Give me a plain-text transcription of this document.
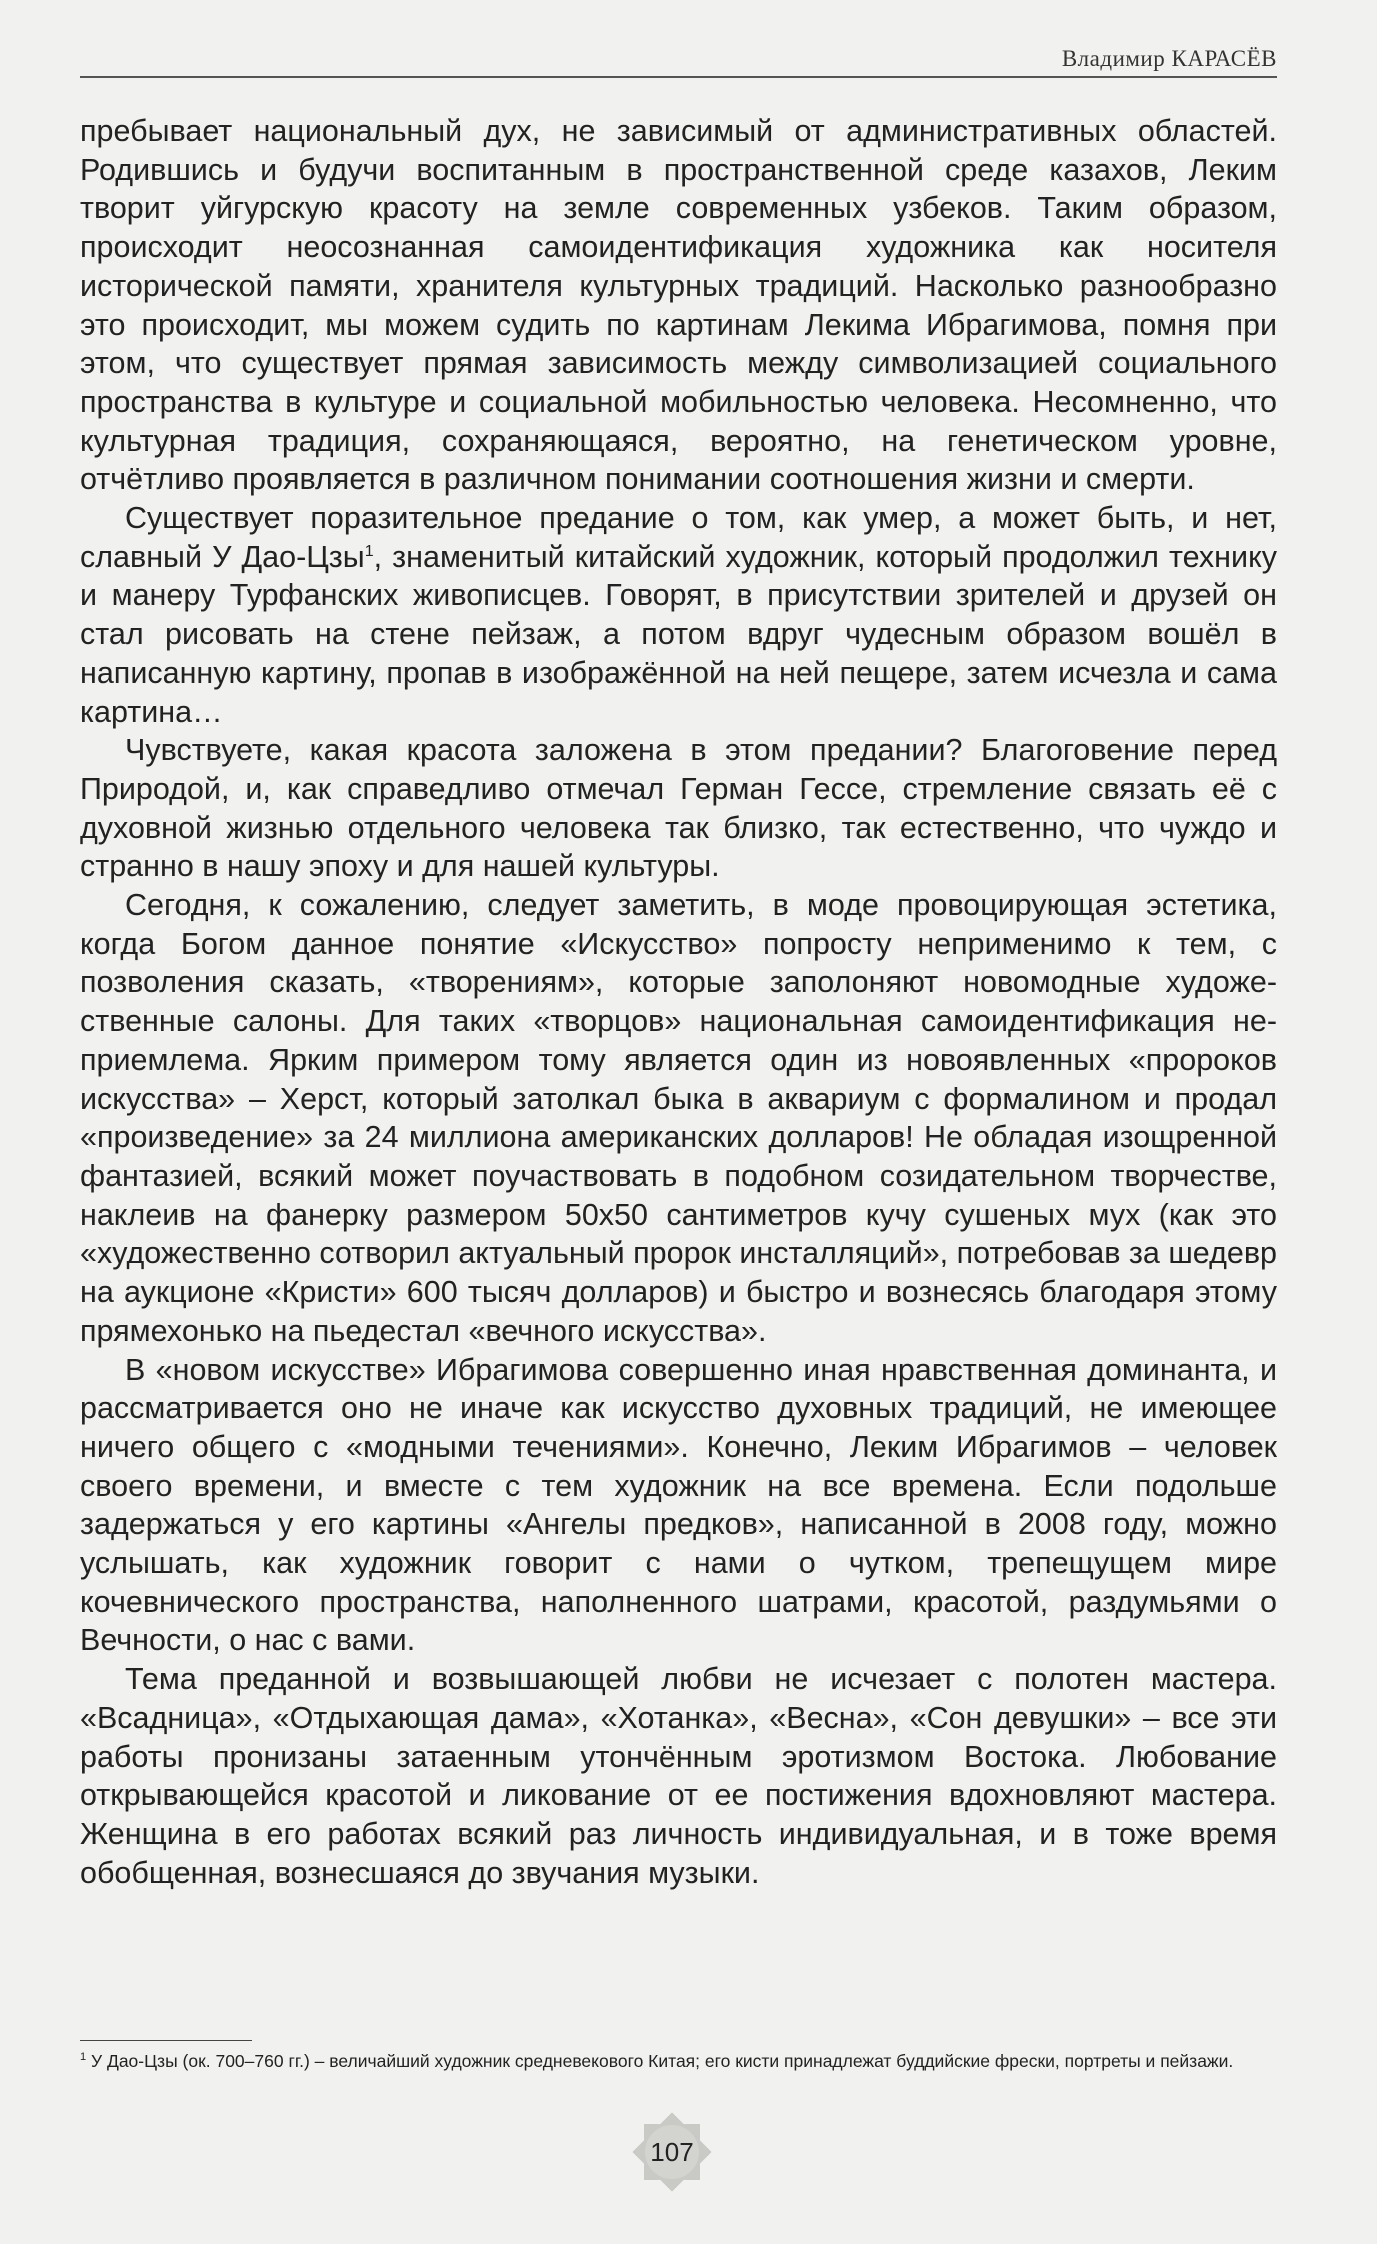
Владимир КАРАСЁВ

пребывает национальный дух, не зависимый от административных областей. Родившись и будучи воспитанным в пространственной среде казахов, Леким творит уйгурскую красоту на земле современных узбеков. Таким образом, происходит неосознанная самоидентификация художника как носителя исторической памяти, хранителя культурных традиций. Насколько разнообразно это происходит, мы можем судить по картинам Лекима Ибрагимова, помня при этом, что существует прямая зависимость между символизацией социального пространства в культуре и социальной мобильностью человека. Несомненно, что культурная традиция, сохраняющаяся, вероятно, на генетическом уровне, отчётливо проявляется в различном понимании соотношения жизни и смерти.

Существует поразительное предание о том, как умер, а может быть, и нет, славный У Дао-Цзы$^1$, знаменитый китайский художник, который продолжил технику и манеру Турфанских живописцев. Говорят, в присутствии зрителей и друзей он стал рисовать на стене пейзаж, а потом вдруг чудесным образом вошёл в написанную картину, пропав в изображённой на ней пещере, затем исчезла и сама картина…

Чувствуете, какая красота заложена в этом предании? Благоговение перед Природой, и, как справедливо отмечал Герман Гессе, стремление связать её с духовной жизнью отдельного человека так близко, так естественно, что чуждо и странно в нашу эпоху и для нашей культуры.

Сегодня, к сожалению, следует заметить, в моде провоцирующая эстетика, когда Богом данное понятие «Искусство» попросту неприменимо к тем, с позволения сказать, «творениям», которые заполоняют новомодные художественные салоны. Для таких «творцов» национальная самоидентификация неприемлема. Ярким примером тому является один из новоявленных «пророков искусства» – Херст, который затолкал быка в аквариум с формалином и продал «произведение» за 24 миллиона американских долларов! Не обладая изощренной фантазией, всякий может поучаствовать в подобном созидательном творчестве, наклеив на фанерку размером 50х50 сантиметров кучу сушеных мух (как это «художественно сотворил актуальный пророк инсталляций», потребовав за шедевр на аукционе «Кристи» 600 тысяч долларов) и быстро и вознесясь благодаря этому прямехонько на пьедестал «вечного искусства».

В «новом искусстве» Ибрагимова совершенно иная нравственная доминанта, и рассматривается оно не иначе как искусство духовных традиций, не имеющее ничего общего с «модными течениями». Конечно, Леким Ибрагимов – человек своего времени, и вместе с тем художник на все времена. Если подольше задержаться у его картины «Ангелы предков», написанной в 2008 году, можно услышать, как художник говорит с нами о чутком, трепещущем мире кочевнического пространства, наполненного шатрами, красотой, раздумьями о Вечности, о нас с вами.

Тема преданной и возвышающей любви не исчезает с полотен мастера. «Всадница», «Отдыхающая дама», «Хотанка», «Весна», «Сон девушки» – все эти работы пронизаны затаенным утончённым эротизмом Востока. Любование открывающейся красотой и ликование от ее постижения вдохновляют мастера. Женщина в его работах всякий раз личность индивидуальная, и в тоже время обобщенная, вознесшаяся до звучания музыки.

$^1$ У Дао-Цзы (ок. 700–760 гг.) – величайший художник средневекового Китая; его кисти принадлежат буддийские фрески, портреты и пейзажи.
107
